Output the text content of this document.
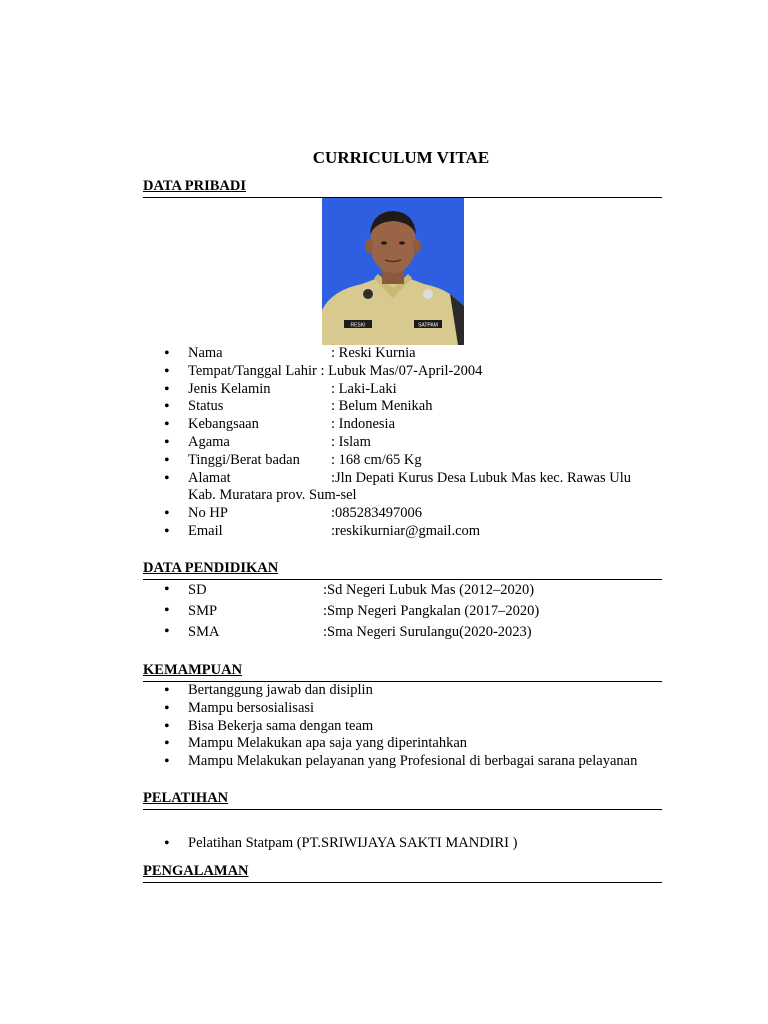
CURRICULUM VITAE
DATA PRIBADI
RESKI	SATPAM
• Nama	: Reski Kurnia
• Tempat/Tanggal Lahir : Lubuk Mas/07-April-2004
• Jenis Kelamin	: Laki-Laki
• Status	: Belum Menikah
• Kebangsaan	: Indonesia
• Agama	: Islam
• Tinggi/Berat badan : 168 cm/65 Kg
• Alamat	:Jln Depati Kurus Desa Lubuk Mas kec. Rawas Ulu
Kab. Muratara prov. Sum-sel
• No HP	:085283497006
• Email	:reskikurniar@gmail.com
DATA PENDIDIKAN
• SD	:Sd Negeri Lubuk Mas (2012–2020)
• SMP	:Smp Negeri Pangkalan (2017–2020)
• SMA	:Sma Negeri Surulangu(2020-2023)
KEMAMPUAN
• Bertanggung jawab dan disiplin
• Mampu bersosialisasi
• Bisa Bekerja sama dengan team
• Mampu Melakukan apa saja yang diperintahkan
• Mampu Melakukan pelayanan yang Profesional di berbagai sarana pelayanan
PELATIHAN
• Pelatihan Statpam (PT.SRIWIJAYA SAKTI MANDIRI )
PENGALAMAN
